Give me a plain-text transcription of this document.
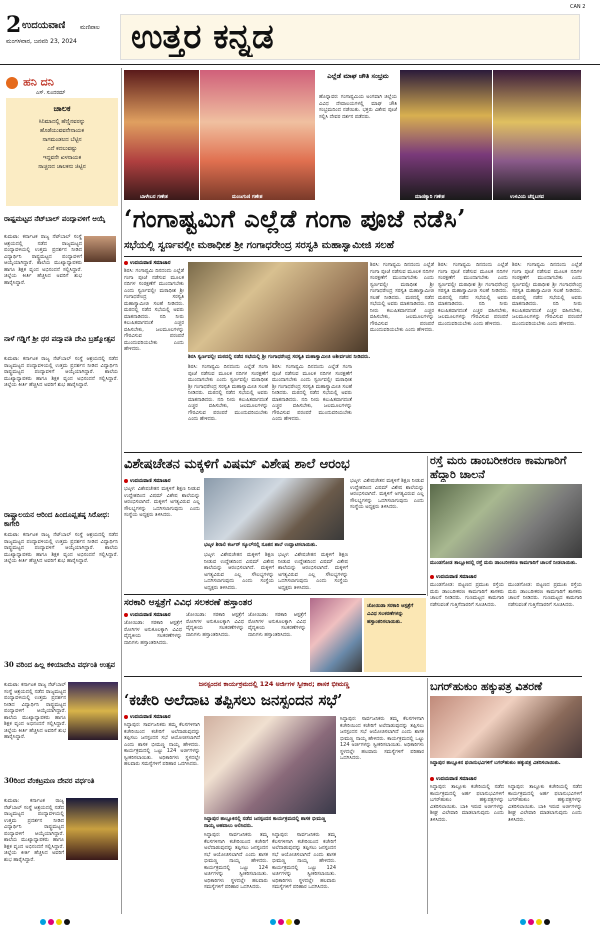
2 ಉದಯವಾಣಿ ಮಣಿಪಾಲ
ಮಂಗಳವಾರ, ಜನವರಿ 23, 2024 ಉತ್ತರ ಕನ್ನಡ
CAN 2
ಹನಿ ದನಿ
ಎಸ್. ಸುಂದರಮ್
ಚಾಲಕ
ಸಿನಿಮಾದಲ್ಲಿ ಹೆಣ್ಣಿನವರನ್ನು
ಹೊಡೆಯುವವನೇನಾಯಕ
ನಾಗಮಂಡಲದ ಬೆಟ್ಟಿನ
ಎದೆ ಕದಲುವಷ್ಟು
ಇದ್ದವನೇ ಖಳನಾಯಕ
ನಾಚ್ಚಣದ ಚಾಲಕನು ಜಿಟ್ಟಿನ
ರಾಷ್ಟ್ರಮಟ್ಟದ ನೆಟ್‌ಬಾಲ್ ಪಂದ್ಯಾವಳಿಗೆ ಆಯ್ಕೆ
ಕುಮಟಾ: ಕರ್ನಾಟಕ ರಾಜ್ಯ ನೆಟ್‌ಬಾಲ್ ಸಂಸ್ಥೆ ಆಶ್ರಯದಲ್ಲಿ ನಡೆದ ರಾಜ್ಯಮಟ್ಟದ ಪಂದ್ಯಾವಳಿಯಲ್ಲಿ ಉತ್ತಮ ಪ್ರದರ್ಶನ ನೀಡಿದ ವಿದ್ಯಾರ್ಥಿನಿ ರಾಷ್ಟ್ರಮಟ್ಟದ ಪಂದ್ಯಾವಳಿಗೆ ಆಯ್ಕೆಯಾಗಿದ್ದಾರೆ. ಶಾಲೆಯ ಮುಖ್ಯಾಧ್ಯಾಪಕರು ಹಾಗೂ ಶಿಕ್ಷಕ ವೃಂದ ಅಭಿನಂದನೆ ಸಲ್ಲಿಸಿದ್ದಾರೆ. ಜಿಲ್ಲೆಯ ಕೀರ್ತಿ ಹೆಚ್ಚಿಸಿದ ಅವರಿಗೆ ಶುಭ ಹಾರೈಸಿದ್ದಾರೆ.
ನಾಳೆ ಗಡ್ಡಿಗೆ ಶ್ರೀ ಧರ ಪದ್ಮಾವತಿ ದೇವಿ ಬ್ರಹ್ಮೋತ್ಸವ
ಕುಮಟಾ: ಕರ್ನಾಟಕ ರಾಜ್ಯ ನೆಟ್‌ಬಾಲ್ ಸಂಸ್ಥೆ ಆಶ್ರಯದಲ್ಲಿ ನಡೆದ ರಾಜ್ಯಮಟ್ಟದ ಪಂದ್ಯಾವಳಿಯಲ್ಲಿ ಉತ್ತಮ ಪ್ರದರ್ಶನ ನೀಡಿದ ವಿದ್ಯಾರ್ಥಿನಿ ರಾಷ್ಟ್ರಮಟ್ಟದ ಪಂದ್ಯಾವಳಿಗೆ ಆಯ್ಕೆಯಾಗಿದ್ದಾರೆ. ಶಾಲೆಯ ಮುಖ್ಯಾಧ್ಯಾಪಕರು ಹಾಗೂ ಶಿಕ್ಷಕ ವೃಂದ ಅಭಿನಂದನೆ ಸಲ್ಲಿಸಿದ್ದಾರೆ. ಜಿಲ್ಲೆಯ ಕೀರ್ತಿ ಹೆಚ್ಚಿಸಿದ ಅವರಿಗೆ ಶುಭ ಹಾರೈಸಿದ್ದಾರೆ.
ರಾಷ್ಟ್ರಾಲಯನ ಆರಿಂದ ಹಿಂದೂಪ್ಷತಷ್ಠ ಸಿರೋಧ: ಕಾಗೇರಿ
ಕುಮಟಾ: ಕರ್ನಾಟಕ ರಾಜ್ಯ ನೆಟ್‌ಬಾಲ್ ಸಂಸ್ಥೆ ಆಶ್ರಯದಲ್ಲಿ ನಡೆದ ರಾಜ್ಯಮಟ್ಟದ ಪಂದ್ಯಾವಳಿಯಲ್ಲಿ ಉತ್ತಮ ಪ್ರದರ್ಶನ ನೀಡಿದ ವಿದ್ಯಾರ್ಥಿನಿ ರಾಷ್ಟ್ರಮಟ್ಟದ ಪಂದ್ಯಾವಳಿಗೆ ಆಯ್ಕೆಯಾಗಿದ್ದಾರೆ. ಶಾಲೆಯ ಮುಖ್ಯಾಧ್ಯಾಪಕರು ಹಾಗೂ ಶಿಕ್ಷಕ ವೃಂದ ಅಭಿನಂದನೆ ಸಲ್ಲಿಸಿದ್ದಾರೆ. ಜಿಲ್ಲೆಯ ಕೀರ್ತಿ ಹೆಚ್ಚಿಸಿದ ಅವರಿಗೆ ಶುಭ ಹಾರೈಸಿದ್ದಾರೆ.
30 ವರಿಂದ ಹಿಲ್ಲ ಕಳಿಯಾದೇವಿ ವರ್ಧಂತಿ ಉತ್ಸವ
ಕುಮಟಾ: ಕರ್ನಾಟಕ ರಾಜ್ಯ ನೆಟ್‌ಬಾಲ್ ಸಂಸ್ಥೆ ಆಶ್ರಯದಲ್ಲಿ ನಡೆದ ರಾಜ್ಯಮಟ್ಟದ ಪಂದ್ಯಾವಳಿಯಲ್ಲಿ ಉತ್ತಮ ಪ್ರದರ್ಶನ ನೀಡಿದ ವಿದ್ಯಾರ್ಥಿನಿ ರಾಷ್ಟ್ರಮಟ್ಟದ ಪಂದ್ಯಾವಳಿಗೆ ಆಯ್ಕೆಯಾಗಿದ್ದಾರೆ. ಶಾಲೆಯ ಮುಖ್ಯಾಧ್ಯಾಪಕರು ಹಾಗೂ ಶಿಕ್ಷಕ ವೃಂದ ಅಭಿನಂದನೆ ಸಲ್ಲಿಸಿದ್ದಾರೆ. ಜಿಲ್ಲೆಯ ಕೀರ್ತಿ ಹೆಚ್ಚಿಸಿದ ಅವರಿಗೆ ಶುಭ ಹಾರೈಸಿದ್ದಾರೆ.
30ರಿಂದ ವೆಂಕಟ್ರಮಣ ದೇವರ ವರ್ಧಂತಿ
ಕುಮಟಾ: ಕರ್ನಾಟಕ ರಾಜ್ಯ ನೆಟ್‌ಬಾಲ್ ಸಂಸ್ಥೆ ಆಶ್ರಯದಲ್ಲಿ ನಡೆದ ರಾಜ್ಯಮಟ್ಟದ ಪಂದ್ಯಾವಳಿಯಲ್ಲಿ ಉತ್ತಮ ಪ್ರದರ್ಶನ ನೀಡಿದ ವಿದ್ಯಾರ್ಥಿನಿ ರಾಷ್ಟ್ರಮಟ್ಟದ ಪಂದ್ಯಾವಳಿಗೆ ಆಯ್ಕೆಯಾಗಿದ್ದಾರೆ. ಶಾಲೆಯ ಮುಖ್ಯಾಧ್ಯಾಪಕರು ಹಾಗೂ ಶಿಕ್ಷಕ ವೃಂದ ಅಭಿನಂದನೆ ಸಲ್ಲಿಸಿದ್ದಾರೆ. ಜಿಲ್ಲೆಯ ಕೀರ್ತಿ ಹೆಚ್ಚಿಸಿದ ಅವರಿಗೆ ಶುಭ ಹಾರೈಸಿದ್ದಾರೆ.
ಬಾಳೇಬರ ಗಣೇಶ	ಮಂಜಗುಣಿ ಗಣೇಶ
ಎಲ್ಲೆಡೆ ಮಾಘ ಚೌತಿ ಸಂಭ್ರಮ
ಹೊನ್ನಾವರ: ಗಂಗಾಷ್ಟಮಿಯ ಅಂಗವಾಗಿ ಜಿಲ್ಲೆಯ ವಿವಿಧ ದೇವಾಲಯಗಳಲ್ಲಿ ಮಾಘ ಚೌತಿ ಸಂಭ್ರಮದಿಂದ ನಡೆಯಿತು. ಭಕ್ತರು ವಿಶೇಷ ಪೂಜೆ ಸಲ್ಲಿಸಿ ದೇವರ ದರ್ಶನ ಪಡೆದರು.
ಮಾಣಿಕ್ಯಾರಿ ಗಣೇಶ	ಉಳವಿಯ ಚೆನ್ನಬಸವ
‘ಗಂಗಾಷ್ಟಮಿಗೆ ಎಲ್ಲೆಡೆ ಗಂಗಾ ಪೂಜೆ ನಡೆಸಿ’
ಸಭೆಯಲ್ಲಿ ಸ್ವರ್ಣವಲ್ಲೀ ಮಠಾಧೀಶ ಶ್ರೀ ಗಂಗಾಧರೇಂದ್ರ ಸರಸ್ವತಿ ಮಹಾಸ್ವಾಮೀಜಿ ಸಲಹೆ
ಉದಯವಾಣಿ ಸಮಾಚಾರ
ಶಿರಸಿ: ಗಂಗಾಷ್ಟಮಿ ದಿನದಂದು ಎಲ್ಲೆಡೆ ಗಂಗಾ ಪೂಜೆ ನಡೆಸುವ ಮೂಲಕ ನದಿಗಳ ಸಂರಕ್ಷಣೆಗೆ ಮುಂದಾಗಬೇಕು ಎಂದು ಸ್ವರ್ಣವಲ್ಲೀ ಮಠಾಧೀಶ ಶ್ರೀ ಗಂಗಾಧರೇಂದ್ರ ಸರಸ್ವತಿ ಮಹಾಸ್ವಾಮೀಜಿ ಸಲಹೆ ನೀಡಿದರು. ಮಠದಲ್ಲಿ ನಡೆದ ಸಭೆಯಲ್ಲಿ ಅವರು ಮಾತನಾಡಿದರು. ನದಿ ನೀರು ಕಲುಷಿತವಾಗದಂತೆ ಎಚ್ಚರ ವಹಿಸಬೇಕು, ಜಲಮೂಲಗಳನ್ನು ಗೌರವಿಸುವ ಪರಂಪರೆ ಮುಂದುವರಿಯಬೇಕು ಎಂದು ಹೇಳಿದರು.
ಶಿರಸಿ ಸ್ವರ್ಣವಲ್ಲೀ ಮಠದಲ್ಲಿ ನಡೆದ ಸಭೆಯಲ್ಲಿ ಶ್ರೀ ಗಂಗಾಧರೇಂದ್ರ ಸರಸ್ವತಿ ಮಹಾಸ್ವಾಮೀಜಿ ಆಶೀರ್ವಚನ ನೀಡಿದರು.
ಶಿರಸಿ: ಗಂಗಾಷ್ಟಮಿ ದಿನದಂದು ಎಲ್ಲೆಡೆ ಗಂಗಾ ಪೂಜೆ ನಡೆಸುವ ಮೂಲಕ ನದಿಗಳ ಸಂರಕ್ಷಣೆಗೆ ಮುಂದಾಗಬೇಕು ಎಂದು ಸ್ವರ್ಣವಲ್ಲೀ ಮಠಾಧೀಶ ಶ್ರೀ ಗಂಗಾಧರೇಂದ್ರ ಸರಸ್ವತಿ ಮಹಾಸ್ವಾಮೀಜಿ ಸಲಹೆ ನೀಡಿದರು. ಮಠದಲ್ಲಿ ನಡೆದ ಸಭೆಯಲ್ಲಿ ಅವರು ಮಾತನಾಡಿದರು. ನದಿ ನೀರು ಕಲುಷಿತವಾಗದಂತೆ ಎಚ್ಚರ ವಹಿಸಬೇಕು, ಜಲಮೂಲಗಳನ್ನು ಗೌರವಿಸುವ ಪರಂಪರೆ ಮುಂದುವರಿಯಬೇಕು ಎಂದು ಹೇಳಿದರು.
ಶಿರಸಿ: ಗಂಗಾಷ್ಟಮಿ ದಿನದಂದು ಎಲ್ಲೆಡೆ ಗಂಗಾ ಪೂಜೆ ನಡೆಸುವ ಮೂಲಕ ನದಿಗಳ ಸಂರಕ್ಷಣೆಗೆ ಮುಂದಾಗಬೇಕು ಎಂದು ಸ್ವರ್ಣವಲ್ಲೀ ಮಠಾಧೀಶ ಶ್ರೀ ಗಂಗಾಧರೇಂದ್ರ ಸರಸ್ವತಿ ಮಹಾಸ್ವಾಮೀಜಿ ಸಲಹೆ ನೀಡಿದರು. ಮಠದಲ್ಲಿ ನಡೆದ ಸಭೆಯಲ್ಲಿ ಅವರು ಮಾತನಾಡಿದರು. ನದಿ ನೀರು ಕಲುಷಿತವಾಗದಂತೆ ಎಚ್ಚರ ವಹಿಸಬೇಕು, ಜಲಮೂಲಗಳನ್ನು ಗೌರವಿಸುವ ಪರಂಪರೆ ಮುಂದುವರಿಯಬೇಕು ಎಂದು ಹೇಳಿದರು.
ಶಿರಸಿ: ಗಂಗಾಷ್ಟಮಿ ದಿನದಂದು ಎಲ್ಲೆಡೆ ಗಂಗಾ ಪೂಜೆ ನಡೆಸುವ ಮೂಲಕ ನದಿಗಳ ಸಂರಕ್ಷಣೆಗೆ ಮುಂದಾಗಬೇಕು ಎಂದು ಸ್ವರ್ಣವಲ್ಲೀ ಮಠಾಧೀಶ ಶ್ರೀ ಗಂಗಾಧರೇಂದ್ರ ಸರಸ್ವತಿ ಮಹಾಸ್ವಾಮೀಜಿ ಸಲಹೆ ನೀಡಿದರು. ಮಠದಲ್ಲಿ ನಡೆದ ಸಭೆಯಲ್ಲಿ ಅವರು ಮಾತನಾಡಿದರು. ನದಿ ನೀರು ಕಲುಷಿತವಾಗದಂತೆ ಎಚ್ಚರ ವಹಿಸಬೇಕು, ಜಲಮೂಲಗಳನ್ನು ಗೌರವಿಸುವ ಪರಂಪರೆ ಮುಂದುವರಿಯಬೇಕು ಎಂದು ಹೇಳಿದರು.
ಶಿರಸಿ: ಗಂಗಾಷ್ಟಮಿ ದಿನದಂದು ಎಲ್ಲೆಡೆ ಗಂಗಾ ಪೂಜೆ ನಡೆಸುವ ಮೂಲಕ ನದಿಗಳ ಸಂರಕ್ಷಣೆಗೆ ಮುಂದಾಗಬೇಕು ಎಂದು ಸ್ವರ್ಣವಲ್ಲೀ ಮಠಾಧೀಶ ಶ್ರೀ ಗಂಗಾಧರೇಂದ್ರ ಸರಸ್ವತಿ ಮಹಾಸ್ವಾಮೀಜಿ ಸಲಹೆ ನೀಡಿದರು. ಮಠದಲ್ಲಿ ನಡೆದ ಸಭೆಯಲ್ಲಿ ಅವರು ಮಾತನಾಡಿದರು. ನದಿ ನೀರು ಕಲುಷಿತವಾಗದಂತೆ ಎಚ್ಚರ ವಹಿಸಬೇಕು, ಜಲಮೂಲಗಳನ್ನು ಗೌರವಿಸುವ ಪರಂಪರೆ ಮುಂದುವರಿಯಬೇಕು ಎಂದು ಹೇಳಿದರು.
ಶಿರಸಿ: ಗಂಗಾಷ್ಟಮಿ ದಿನದಂದು ಎಲ್ಲೆಡೆ ಗಂಗಾ ಪೂಜೆ ನಡೆಸುವ ಮೂಲಕ ನದಿಗಳ ಸಂರಕ್ಷಣೆಗೆ ಮುಂದಾಗಬೇಕು ಎಂದು ಸ್ವರ್ಣವಲ್ಲೀ ಮಠಾಧೀಶ ಶ್ರೀ ಗಂಗಾಧರೇಂದ್ರ ಸರಸ್ವತಿ ಮಹಾಸ್ವಾಮೀಜಿ ಸಲಹೆ ನೀಡಿದರು. ಮಠದಲ್ಲಿ ನಡೆದ ಸಭೆಯಲ್ಲಿ ಅವರು ಮಾತನಾಡಿದರು. ನದಿ ನೀರು ಕಲುಷಿತವಾಗದಂತೆ ಎಚ್ಚರ ವಹಿಸಬೇಕು, ಜಲಮೂಲಗಳನ್ನು ಗೌರವಿಸುವ ಪರಂಪರೆ ಮುಂದುವರಿಯಬೇಕು ಎಂದು ಹೇಳಿದರು.
ವಿಶೇಷಚೇತನ ಮಕ್ಕಳಿಗೆ ವಿಷಮ್ ವಿಶೇಷ ಶಾಲೆ ಆರಂಭ
ಉದಯವಾಣಿ ಸಮಾಚಾರ
ಭಟ್ಕಳ: ವಿಶೇಷಚೇತನ ಮಕ್ಕಳಿಗೆ ಶಿಕ್ಷಣ ನೀಡುವ ಉದ್ದೇಶದಿಂದ ವಿಷಮ್ ವಿಶೇಷ ಶಾಲೆಯನ್ನು ಆರಂಭಿಸಲಾಗಿದೆ. ಮಕ್ಕಳಿಗೆ ಅಗತ್ಯವಿರುವ ಎಲ್ಲ ಸೌಲಭ್ಯಗಳನ್ನು ಒದಗಿಸಲಾಗುವುದು ಎಂದು ಸಂಸ್ಥೆಯ ಅಧ್ಯಕ್ಷರು ತಿಳಿಸಿದರು.
ಭಟ್ಕಳ ಶಿರಾಲಿ ಕರ್ಜನ್ ಸ್ಕೂಲ್‌ನಲ್ಲಿ ನೂತನ ಶಾಲೆ ಉದ್ಘಾಟಿಸಲಾಯಿತು.
ಭಟ್ಕಳ: ವಿಶೇಷಚೇತನ ಮಕ್ಕಳಿಗೆ ಶಿಕ್ಷಣ ನೀಡುವ ಉದ್ದೇಶದಿಂದ ವಿಷಮ್ ವಿಶೇಷ ಶಾಲೆಯನ್ನು ಆರಂಭಿಸಲಾಗಿದೆ. ಮಕ್ಕಳಿಗೆ ಅಗತ್ಯವಿರುವ ಎಲ್ಲ ಸೌಲಭ್ಯಗಳನ್ನು ಒದಗಿಸಲಾಗುವುದು ಎಂದು ಸಂಸ್ಥೆಯ ಅಧ್ಯಕ್ಷರು ತಿಳಿಸಿದರು.
ಭಟ್ಕಳ: ವಿಶೇಷಚೇತನ ಮಕ್ಕಳಿಗೆ ಶಿಕ್ಷಣ ನೀಡುವ ಉದ್ದೇಶದಿಂದ ವಿಷಮ್ ವಿಶೇಷ ಶಾಲೆಯನ್ನು ಆರಂಭಿಸಲಾಗಿದೆ. ಮಕ್ಕಳಿಗೆ ಅಗತ್ಯವಿರುವ ಎಲ್ಲ ಸೌಲಭ್ಯಗಳನ್ನು ಒದಗಿಸಲಾಗುವುದು ಎಂದು ಸಂಸ್ಥೆಯ ಅಧ್ಯಕ್ಷರು ತಿಳಿಸಿದರು.
ಭಟ್ಕಳ: ವಿಶೇಷಚೇತನ ಮಕ್ಕಳಿಗೆ ಶಿಕ್ಷಣ ನೀಡುವ ಉದ್ದೇಶದಿಂದ ವಿಷಮ್ ವಿಶೇಷ ಶಾಲೆಯನ್ನು ಆರಂಭಿಸಲಾಗಿದೆ. ಮಕ್ಕಳಿಗೆ ಅಗತ್ಯವಿರುವ ಎಲ್ಲ ಸೌಲಭ್ಯಗಳನ್ನು ಒದಗಿಸಲಾಗುವುದು ಎಂದು ಸಂಸ್ಥೆಯ ಅಧ್ಯಕ್ಷರು ತಿಳಿಸಿದರು.
ರಸ್ತೆ ಮರು ಡಾಂಬರೀಕರಣ ಕಾಮಗಾರಿಗೆ ಹೆದ್ದಾರಿ ಚಾಲನೆ
ಮುಂಡಗೋಡ ತಾಲ್ಲೂಕಿನಲ್ಲಿ ರಸ್ತೆ ಮರು ಡಾಂಬರೀಕರಣ ಕಾಮಗಾರಿಗೆ ಚಾಲನೆ ನೀಡಲಾಯಿತು.
ಉದಯವಾಣಿ ಸಮಾಚಾರ
ಮುಂಡಗೋಡ: ಪಟ್ಟಣದ ಪ್ರಮುಖ ರಸ್ತೆಯ ಮರು ಡಾಂಬರೀಕರಣ ಕಾಮಗಾರಿಗೆ ಶಾಸಕರು ಚಾಲನೆ ನೀಡಿದರು. ಗುಣಮಟ್ಟದ ಕಾಮಗಾರಿ ನಡೆಸುವಂತೆ ಗುತ್ತಿಗೆದಾರರಿಗೆ ಸೂಚಿಸಿದರು.
ಮುಂಡಗೋಡ: ಪಟ್ಟಣದ ಪ್ರಮುಖ ರಸ್ತೆಯ ಮರು ಡಾಂಬರೀಕರಣ ಕಾಮಗಾರಿಗೆ ಶಾಸಕರು ಚಾಲನೆ ನೀಡಿದರು. ಗುಣಮಟ್ಟದ ಕಾಮಗಾರಿ ನಡೆಸುವಂತೆ ಗುತ್ತಿಗೆದಾರರಿಗೆ ಸೂಚಿಸಿದರು.
ಸರಕಾರಿ ಆಸ್ಪತ್ರೆಗೆ ವಿವಿಧ ಸಲಕರಣೆ ಹಸ್ತಾಂತರ
ಉದಯವಾಣಿ ಸಮಾಚಾರ
ಜೋಯಿಡಾ: ಸರಕಾರಿ ಆಸ್ಪತ್ರೆಗೆ ರೋಗಿಗಳ ಅನುಕೂಲಕ್ಕಾಗಿ ವಿವಿಧ ವೈದ್ಯಕೀಯ ಸಲಕರಣೆಗಳನ್ನು ದಾನಿಗಳು ಹಸ್ತಾಂತರಿಸಿದರು.
ಜೋಯಿಡಾ: ಸರಕಾರಿ ಆಸ್ಪತ್ರೆಗೆ ರೋಗಿಗಳ ಅನುಕೂಲಕ್ಕಾಗಿ ವಿವಿಧ ವೈದ್ಯಕೀಯ ಸಲಕರಣೆಗಳನ್ನು ದಾನಿಗಳು ಹಸ್ತಾಂತರಿಸಿದರು.
ಜೋಯಿಡಾ: ಸರಕಾರಿ ಆಸ್ಪತ್ರೆಗೆ ರೋಗಿಗಳ ಅನುಕೂಲಕ್ಕಾಗಿ ವಿವಿಧ ವೈದ್ಯಕೀಯ ಸಲಕರಣೆಗಳನ್ನು ದಾನಿಗಳು ಹಸ್ತಾಂತರಿಸಿದರು.
ಜೋಯಿಡಾ ಸರಕಾರಿ ಆಸ್ಪತ್ರೆಗೆ ವಿವಿಧ ಸಲಕರಣೆಗಳನ್ನು ಹಸ್ತಾಂತರಿಸಲಾಯಿತು.
ಜನಸ್ಪಂದನ ಕಾರ್ಯಕ್ರಮದಲ್ಲಿ 124 ಅರ್ಜಿಗಳ ಸ್ವೀಕಾರ; ಶಾಸಕ ಭೀಮಣ್ಣ
‘ಕಚೇರಿ ಅಲೆದಾಟ ತಪ್ಪಿಸಲು ಜನಸ್ಪಂದನ ಸಭೆ’
ಉದಯವಾಣಿ ಸಮಾಚಾರ
ಸಿದ್ದಾಪುರ: ಸಾರ್ವಜನಿಕರು ತಮ್ಮ ಕೆಲಸಗಳಿಗಾಗಿ ಕಚೇರಿಯಿಂದ ಕಚೇರಿಗೆ ಅಲೆದಾಡುವುದನ್ನು ತಪ್ಪಿಸಲು ಜನಸ್ಪಂದನ ಸಭೆ ಆಯೋಜಿಸಲಾಗಿದೆ ಎಂದು ಶಾಸಕ ಭೀಮಣ್ಣ ನಾಯ್ಕ ಹೇಳಿದರು. ಕಾರ್ಯಕ್ರಮದಲ್ಲಿ ಒಟ್ಟು 124 ಅರ್ಜಿಗಳನ್ನು ಸ್ವೀಕರಿಸಲಾಯಿತು. ಅಧಿಕಾರಿಗಳು ಸ್ಥಳದಲ್ಲೇ ಹಲವಾರು ಸಮಸ್ಯೆಗಳಿಗೆ ಪರಿಹಾರ ಒದಗಿಸಿದರು.
ಸಿದ್ದಾಪುರ ತಾಲ್ಲೂಕಿನಲ್ಲಿ ನಡೆದ ಜನಸ್ಪಂದನ ಕಾರ್ಯಕ್ರಮದಲ್ಲಿ ಶಾಸಕ ಭೀಮಣ್ಣ ನಾಯ್ಕ ಅಹವಾಲು ಆಲಿಸಿದರು.
ಸಿದ್ದಾಪುರ: ಸಾರ್ವಜನಿಕರು ತಮ್ಮ ಕೆಲಸಗಳಿಗಾಗಿ ಕಚೇರಿಯಿಂದ ಕಚೇರಿಗೆ ಅಲೆದಾಡುವುದನ್ನು ತಪ್ಪಿಸಲು ಜನಸ್ಪಂದನ ಸಭೆ ಆಯೋಜಿಸಲಾಗಿದೆ ಎಂದು ಶಾಸಕ ಭೀಮಣ್ಣ ನಾಯ್ಕ ಹೇಳಿದರು. ಕಾರ್ಯಕ್ರಮದಲ್ಲಿ ಒಟ್ಟು 124 ಅರ್ಜಿಗಳನ್ನು ಸ್ವೀಕರಿಸಲಾಯಿತು. ಅಧಿಕಾರಿಗಳು ಸ್ಥಳದಲ್ಲೇ ಹಲವಾರು ಸಮಸ್ಯೆಗಳಿಗೆ ಪರಿಹಾರ ಒದಗಿಸಿದರು.
ಸಿದ್ದಾಪುರ: ಸಾರ್ವಜನಿಕರು ತಮ್ಮ ಕೆಲಸಗಳಿಗಾಗಿ ಕಚೇರಿಯಿಂದ ಕಚೇರಿಗೆ ಅಲೆದಾಡುವುದನ್ನು ತಪ್ಪಿಸಲು ಜನಸ್ಪಂದನ ಸಭೆ ಆಯೋಜಿಸಲಾಗಿದೆ ಎಂದು ಶಾಸಕ ಭೀಮಣ್ಣ ನಾಯ್ಕ ಹೇಳಿದರು. ಕಾರ್ಯಕ್ರಮದಲ್ಲಿ ಒಟ್ಟು 124 ಅರ್ಜಿಗಳನ್ನು ಸ್ವೀಕರಿಸಲಾಯಿತು. ಅಧಿಕಾರಿಗಳು ಸ್ಥಳದಲ್ಲೇ ಹಲವಾರು ಸಮಸ್ಯೆಗಳಿಗೆ ಪರಿಹಾರ ಒದಗಿಸಿದರು.
ಸಿದ್ದಾಪುರ: ಸಾರ್ವಜನಿಕರು ತಮ್ಮ ಕೆಲಸಗಳಿಗಾಗಿ ಕಚೇರಿಯಿಂದ ಕಚೇರಿಗೆ ಅಲೆದಾಡುವುದನ್ನು ತಪ್ಪಿಸಲು ಜನಸ್ಪಂದನ ಸಭೆ ಆಯೋಜಿಸಲಾಗಿದೆ ಎಂದು ಶಾಸಕ ಭೀಮಣ್ಣ ನಾಯ್ಕ ಹೇಳಿದರು. ಕಾರ್ಯಕ್ರಮದಲ್ಲಿ ಒಟ್ಟು 124 ಅರ್ಜಿಗಳನ್ನು ಸ್ವೀಕರಿಸಲಾಯಿತು. ಅಧಿಕಾರಿಗಳು ಸ್ಥಳದಲ್ಲೇ ಹಲವಾರು ಸಮಸ್ಯೆಗಳಿಗೆ ಪರಿಹಾರ ಒದಗಿಸಿದರು.
ಬಗರ್‌ಹುಕುಂ ಹಕ್ಕುಪತ್ರ ವಿತರಣೆ
ಸಿದ್ದಾಪುರ ತಾಲ್ಲೂಕಿನ ಫಲಾನುಭವಿಗಳಿಗೆ ಬಗರ್‌ಹುಕುಂ ಹಕ್ಕುಪತ್ರ ವಿತರಿಸಲಾಯಿತು.
ಉದಯವಾಣಿ ಸಮಾಚಾರ
ಸಿದ್ದಾಪುರ: ತಾಲ್ಲೂಕು ಕಚೇರಿಯಲ್ಲಿ ನಡೆದ ಕಾರ್ಯಕ್ರಮದಲ್ಲಿ ಅರ್ಹ ಫಲಾನುಭವಿಗಳಿಗೆ ಬಗರ್‌ಹುಕುಂ ಹಕ್ಕುಪತ್ರಗಳನ್ನು ವಿತರಿಸಲಾಯಿತು. ಬಾಕಿ ಇರುವ ಅರ್ಜಿಗಳನ್ನು ಶೀಘ್ರ ವಿಲೇವಾರಿ ಮಾಡಲಾಗುವುದು ಎಂದು ತಿಳಿಸಿದರು.
ಸಿದ್ದಾಪುರ: ತಾಲ್ಲೂಕು ಕಚೇರಿಯಲ್ಲಿ ನಡೆದ ಕಾರ್ಯಕ್ರಮದಲ್ಲಿ ಅರ್ಹ ಫಲಾನುಭವಿಗಳಿಗೆ ಬಗರ್‌ಹುಕುಂ ಹಕ್ಕುಪತ್ರಗಳನ್ನು ವಿತರಿಸಲಾಯಿತು. ಬಾಕಿ ಇರುವ ಅರ್ಜಿಗಳನ್ನು ಶೀಘ್ರ ವಿಲೇವಾರಿ ಮಾಡಲಾಗುವುದು ಎಂದು ತಿಳಿಸಿದರು.
